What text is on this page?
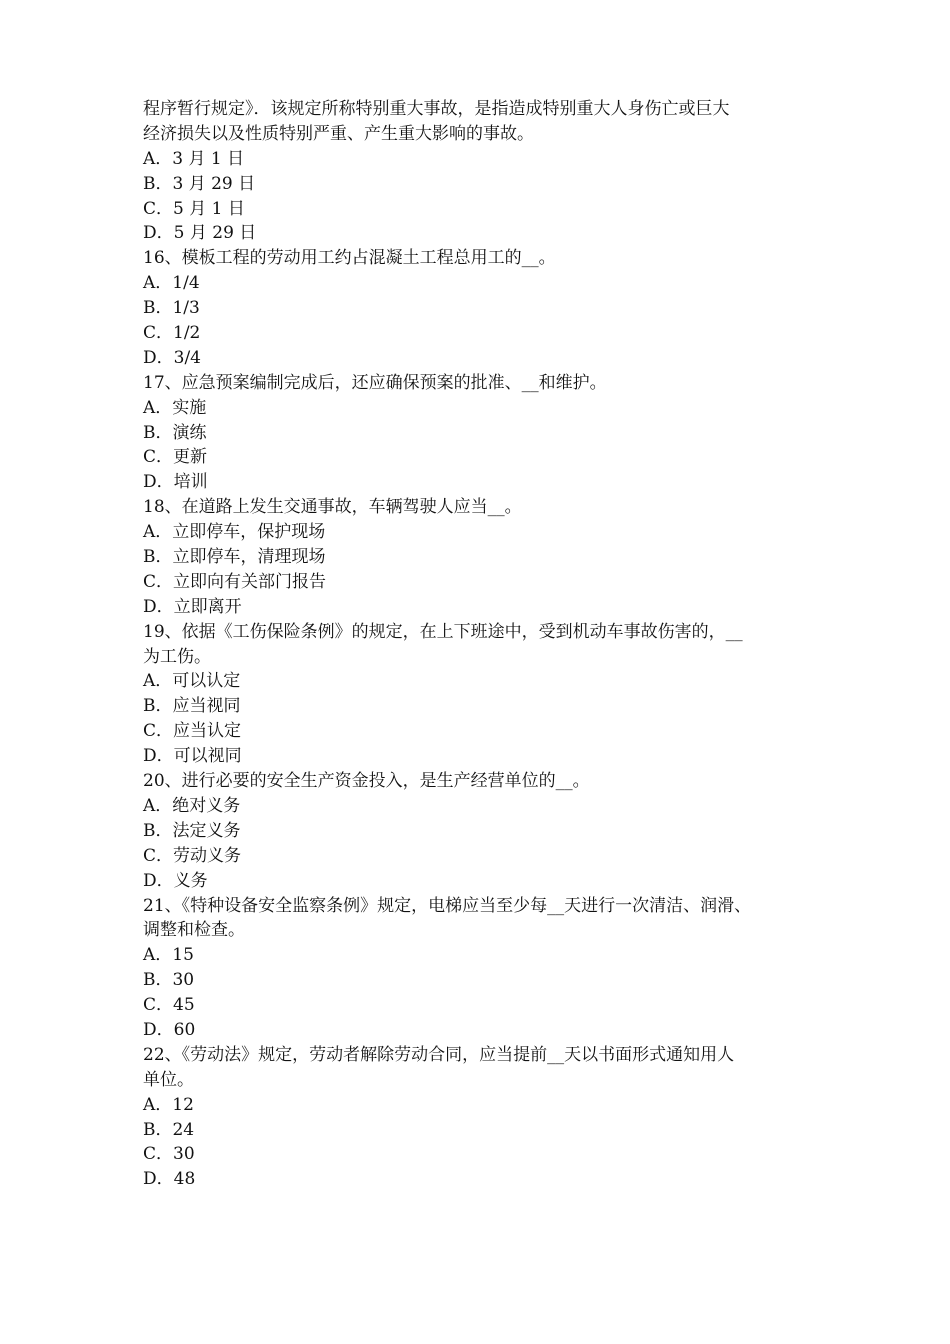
程序暂行规定》．该规定所称特别重大事故，是指造成特别重大人身伤亡或巨大
经济损失以及性质特别严重、产生重大影响的事故。
A．3 月 1 日
B．3 月 29 日
C．5 月 1 日
D．5 月 29 日
16、模板工程的劳动用工约占混凝土工程总用工的__。
A．1/4
B．1/3
C．1/2
D．3/4
17、应急预案编制完成后，还应确保预案的批准、__和维护。
A．实施
B．演练
C．更新
D．培训
18、在道路上发生交通事故，车辆驾驶人应当__。
A．立即停车，保护现场
B．立即停车，清理现场
C．立即向有关部门报告
D．立即离开
19、依据《工伤保险条例》的规定，在上下班途中，受到机动车事故伤害的，__
为工伤。
A．可以认定
B．应当视同
C．应当认定
D．可以视同
20、进行必要的安全生产资金投入，是生产经营单位的__。
A．绝对义务
B．法定义务
C．劳动义务
D．义务
21、《特种设备安全监察条例》规定，电梯应当至少每__天进行一次清洁、润滑、
调整和检查。
A．15
B．30
C．45
D．60
22、《劳动法》规定，劳动者解除劳动合同，应当提前__天以书面形式通知用人
单位。
A．12
B．24
C．30
D．48
